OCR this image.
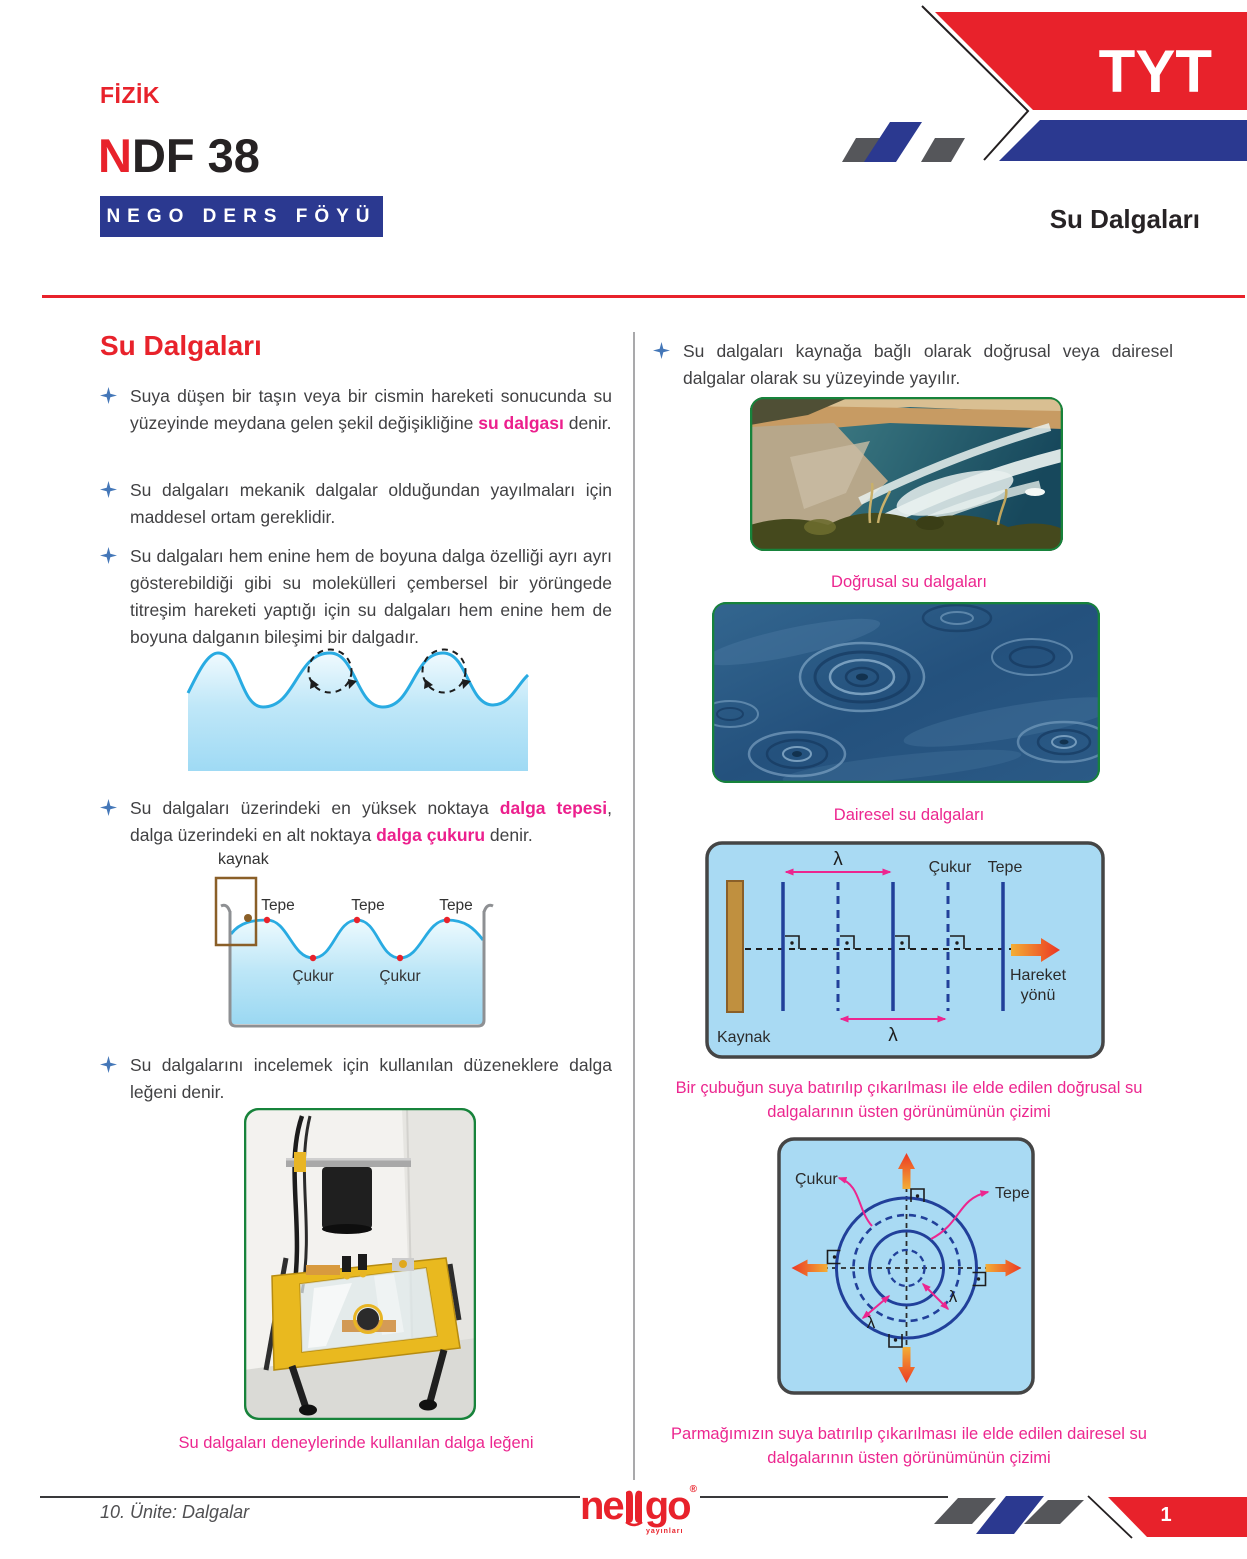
TYT
FİZİK
NDF 38
NEGO DERS FÖYÜ	Su Dalgaları
Su Dalgaları
Suya düşen bir taşın veya bir cismin hareketi sonucunda su yüzeyinde meydana gelen şekil değişikliğine su dalgası denir.
Su dalgaları mekanik dalgalar olduğundan yayılmaları için maddesel ortam gereklidir.
Su dalgaları hem enine hem de boyuna dalga özelliği ayrı ayrı gösterebildiği gibi su molekülleri çembersel bir yörüngede titreşim hareketi yaptığı için su dalgaları hem enine hem de boyuna dalganın bileşimi bir dalgadır.
Su dalgaları üzerindeki en yüksek noktaya dalga tepesi, dalga üzerindeki en alt noktaya dalga çukuru denir.
kaynak
Tepe	Tepe	Tepe
Çukur	Çukur
Su dalgalarını incelemek için kullanılan düzeneklere dalga leğeni denir.
Su dalgaları deneylerinde kullanılan dalga leğeni
Su dalgaları kaynağa bağlı olarak doğrusal veya dairesel dalgalar olarak su yüzeyinde yayılır.
Doğrusal su dalgaları
Dairesel su dalgaları
λ
λ
Çukur Tepe
Hareket
yönü
Kaynak
Bir çubuğun suya batırılıp çıkarılması ile elde edilen doğrusal su dalgalarının üsten görünümünün çizimi
Çukur
Tepe
λ
λ
Parmağımızın suya batırılıp çıkarılması ile elde edilen dairesel su dalgalarının üsten görünümünün çizimi
10. Ünite: Dalgalar	ne go ®
yayınları
1
